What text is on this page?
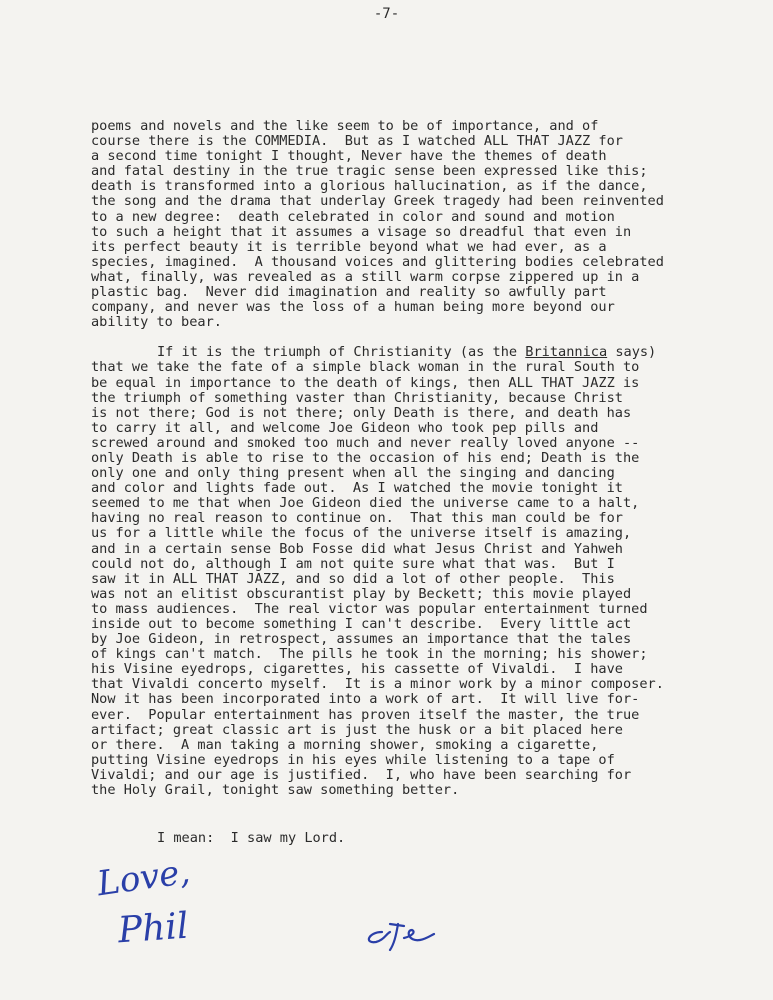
-7-
poems and novels and the like seem to be of importance, and of
course there is the COMMEDIA.  But as I watched ALL THAT JAZZ for
a second time tonight I thought, Never have the themes of death
and fatal destiny in the true tragic sense been expressed like this;
death is transformed into a glorious hallucination, as if the dance,
the song and the drama that underlay Greek tragedy had been reinvented
to a new degree:  death celebrated in color and sound and motion
to such a height that it assumes a visage so dreadful that even in
its perfect beauty it is terrible beyond what we had ever, as a
species, imagined.  A thousand voices and glittering bodies celebrated
what, finally, was revealed as a still warm corpse zippered up in a
plastic bag.  Never did imagination and reality so awfully part
company, and never was the loss of a human being more beyond our
ability to bear.
If it is the triumph of Christianity (as the Britannica says)
that we take the fate of a simple black woman in the rural South to
be equal in importance to the death of kings, then ALL THAT JAZZ is
the triumph of something vaster than Christianity, because Christ
is not there; God is not there; only Death is there, and death has
to carry it all, and welcome Joe Gideon who took pep pills and
screwed around and smoked too much and never really loved anyone --
only Death is able to rise to the occasion of his end; Death is the
only one and only thing present when all the singing and dancing
and color and lights fade out.  As I watched the movie tonight it
seemed to me that when Joe Gideon died the universe came to a halt,
having no real reason to continue on.  That this man could be for
us for a little while the focus of the universe itself is amazing,
and in a certain sense Bob Fosse did what Jesus Christ and Yahweh
could not do, although I am not quite sure what that was.  But I
saw it in ALL THAT JAZZ, and so did a lot of other people.  This
was not an elitist obscurantist play by Beckett; this movie played
to mass audiences.  The real victor was popular entertainment turned
inside out to become something I can't describe.  Every little act
by Joe Gideon, in retrospect, assumes an importance that the tales
of kings can't match.  The pills he took in the morning; his shower;
his Visine eyedrops, cigarettes, his cassette of Vivaldi.  I have
that Vivaldi concerto myself.  It is a minor work by a minor composer.
Now it has been incorporated into a work of art.  It will live for-
ever.  Popular entertainment has proven itself the master, the true
artifact; great classic art is just the husk or a bit placed here
or there.  A man taking a morning shower, smoking a cigarette,
putting Visine eyedrops in his eyes while listening to a tape of
Vivaldi; and our age is justified.  I, who have been searching for
the Holy Grail, tonight saw something better.
I mean:  I saw my Lord.
Love,
Phil
